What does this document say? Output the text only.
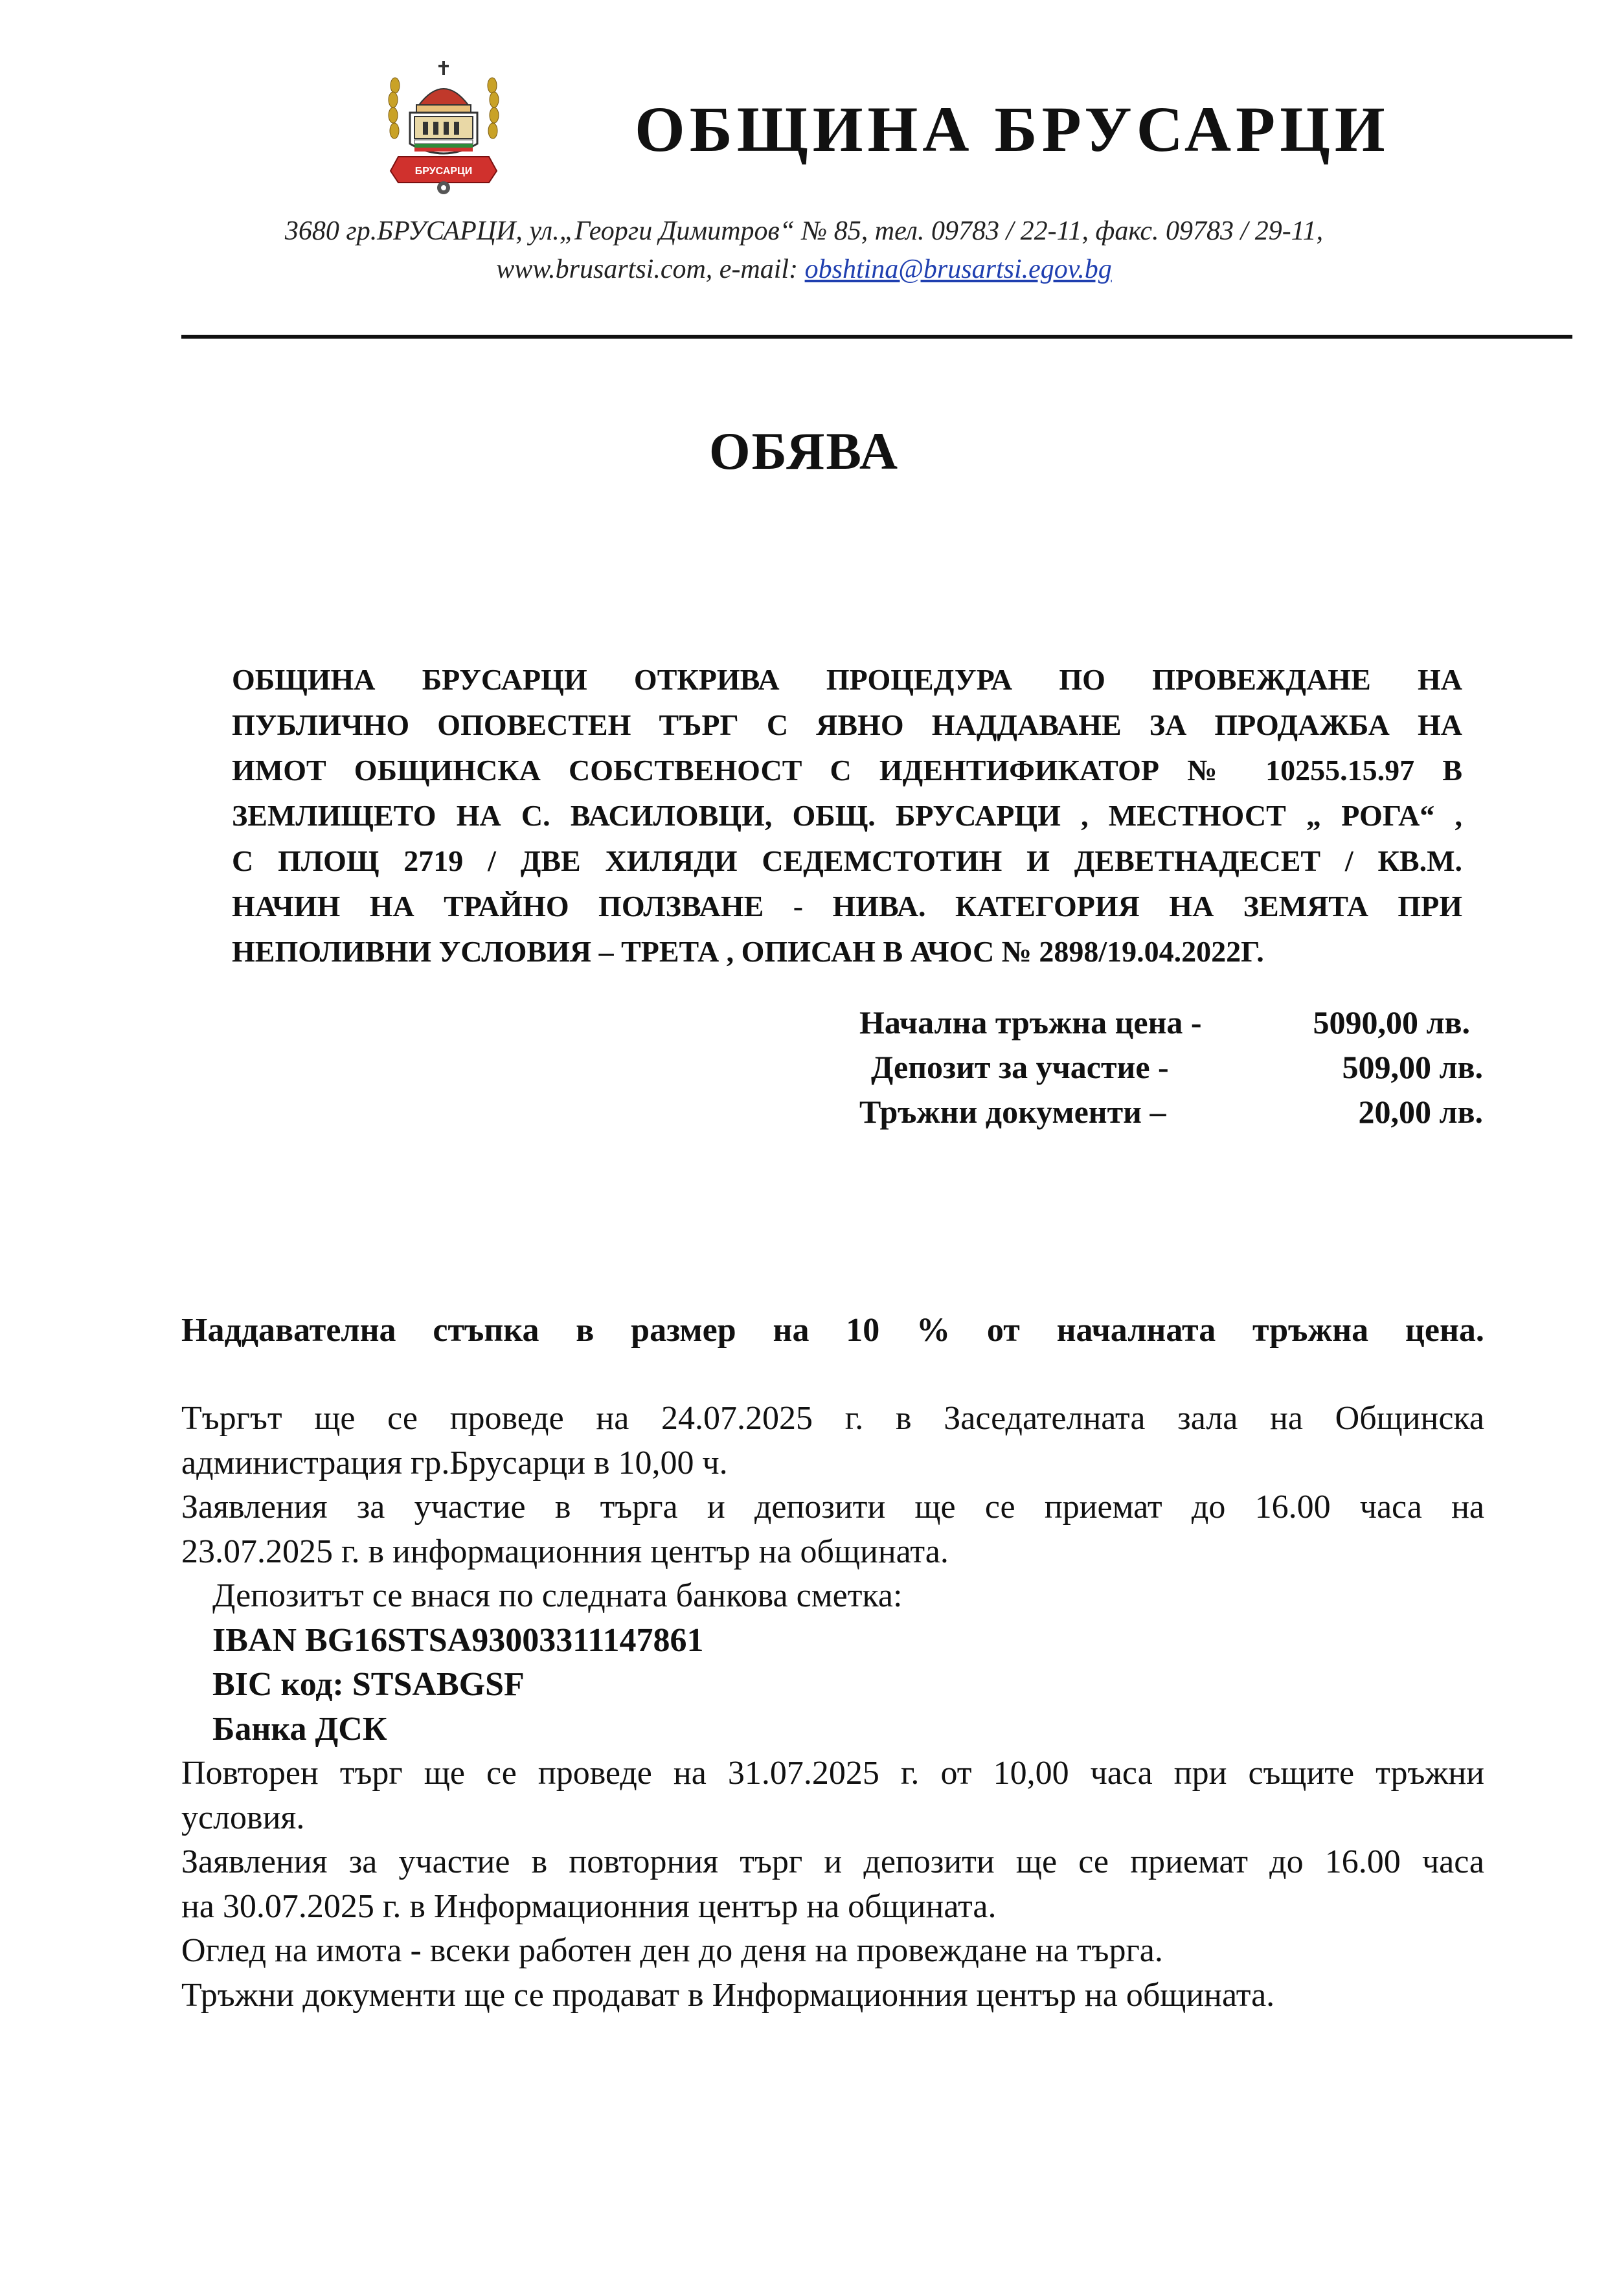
БРУСАРЦИ
ОБЩИНА БРУСАРЦИ
3680 гр.БРУСАРЦИ, ул.„Георги Димитров“ № 85, тел. 09783 / 22-11, факс. 09783 / 29-11,
www.brusartsi.com, e-mail: obshtina@brusartsi.egov.bg
ОБЯВА
ОБЩИНА БРУСАРЦИ ОТКРИВА ПРОЦЕДУРА ПО ПРОВЕЖДАНЕ НА
ПУБЛИЧНО ОПОВЕСТЕН ТЪРГ С ЯВНО НАДДАВАНЕ ЗА ПРОДАЖБА НА
ИМОТ ОБЩИНСКА СОБСТВЕНОСТ С ИДЕНТИФИКАТОР № 10255.15.97 В
ЗЕМЛИЩЕТО НА С. ВАСИЛОВЦИ, ОБЩ. БРУСАРЦИ , МЕСТНОСТ „ РОГА“ ,
С ПЛОЩ 2719 / ДВЕ ХИЛЯДИ СЕДЕМСТОТИН И ДЕВЕТНАДЕСЕТ / КВ.М.
НАЧИН НА ТРАЙНО ПОЛЗВАНЕ - НИВА. КАТЕГОРИЯ НА ЗЕМЯТА ПРИ
НЕПОЛИВНИ УСЛОВИЯ – ТРЕТА , ОПИСАН В АЧОС № 2898/19.04.2022Г.
Начална тръжна цена -	5090,00 лв.
Депозит за участие -	509,00 лв.
Тръжни документи –	20,00 лв.
Наддавателна стъпка в размер на 10 % от началната тръжна цена.
Търгът ще се проведе на 24.07.2025 г. в Заседателната зала на Общинска
администрация гр.Брусарци в 10,00 ч.
Заявления за участие в търга и депозити ще се приемат до 16.00 часа на
23.07.2025 г. в информационния център на общината.
Депозитът се внася по следната банкова сметка:
IBAN BG16STSA93003311147861
BIC код: STSABGSF
Банка ДСК
Повторен търг ще се проведе на 31.07.2025 г. от 10,00 часа при същите тръжни
условия.
Заявления за участие в повторния търг и депозити ще се приемат до 16.00 часа
на 30.07.2025 г. в Информационния център на общината.
Оглед на имота - всеки работен ден до деня на провеждане на търга.
Тръжни документи ще се продават в Информационния център на общината.
